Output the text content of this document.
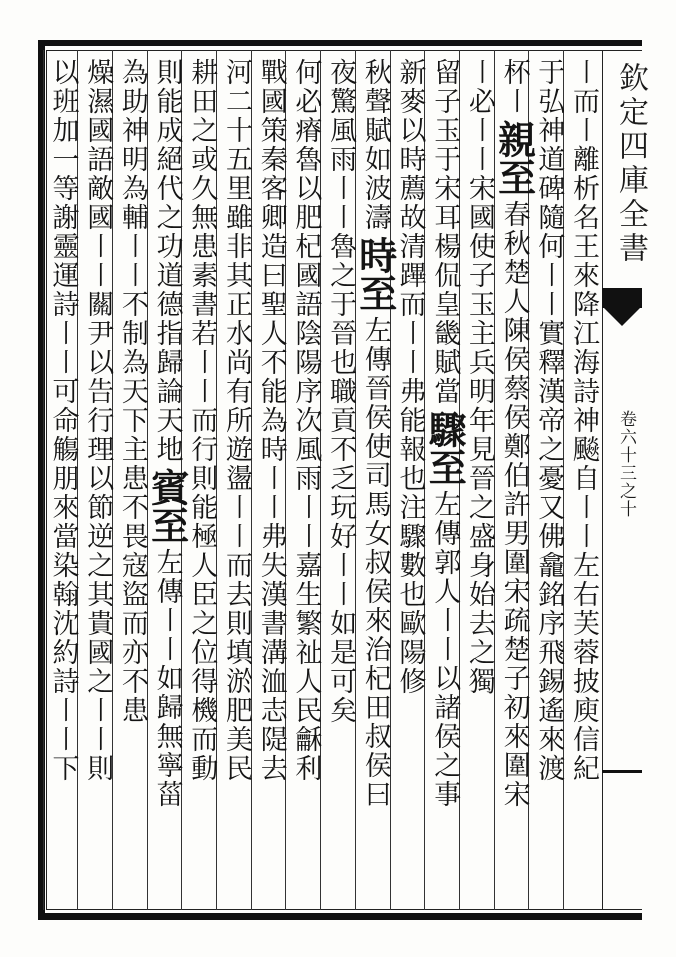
欽定四庫全書
卷六十三之十
〡而〡離析名王來降江海詩神飈自〡〡左右芙蓉披庾信紀
于弘神道碑隨何〡〡實釋漢帝之憂又佛龕銘序飛錫遙來渡
杯〡親至春秋楚人陳侯蔡侯鄭伯許男圍宋疏楚子初來圍宋
〡必〡〡宋國使子玉主兵明年見晉之盛身始去之獨
留子玉于宋耳楊侃皇畿賦當驟至左傳郭人〡〡以諸侯之事
新麥以時薦故清蹕而〡〡弗能報也注驟數也歐陽修
秋聲賦如波濤時至左傳晉侯使司馬女叔侯來治杞田叔侯曰
夜驚風雨〡〡魯之于晉也職貢不乏玩好〡〡如是可矣
何必瘠魯以肥杞國語陰陽序次風雨〡〡嘉生繁祉人民龢利
戰國策秦客卿造曰聖人不能為時〡〡弗失漢書溝洫志隄去
河二十五里雖非其正水尚有所遊盪〡〡而去則填淤肥美民
耕田之或久無患素書若〡〡而行則能極人臣之位得機而動
則能成絕代之功道德指歸論天地賓至左傳〡〡如歸無寧菑
為助神明為輔〡〡不制為天下主患不畏寇盜而亦不患
燥濕國語敵國〡〡關尹以告行理以節逆之其貴國之〡〡則
以班加一等謝靈運詩〡〡可命觴朋來當染翰沈約詩〡〡下
